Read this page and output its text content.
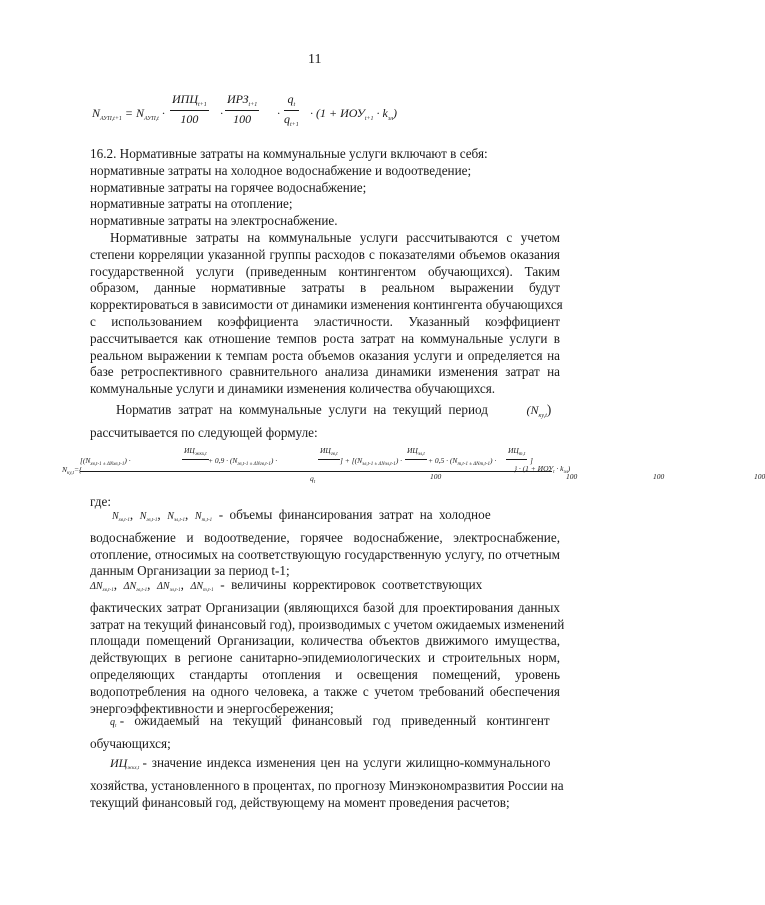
11
$N_{АУП,t+1} = N_{АУП,t}$ ·
$ИПЦ_{t+1}$
100	·
$ИРЗ_{t+1}$
100	· $\frac{q_t}{q_{t+1}} \cdot (1 + ИОУ_{t+1} \cdot k_{эл})$
16.2. Нормативные затраты на коммунальные услуги включают в себя:
нормативные затраты на холодное водоснабжение и водоотведение;
нормативные затраты на горячее водоснабжение;
нормативные затраты на отопление;
нормативные затраты на электроснабжение.
Нормативные затраты на коммунальные услуги рассчитываются с учетом
степени корреляции указанной группы расходов с показателями объемов оказания
государственной услуги (приведенным контингентом обучающихся). Таким
образом, данные нормативные затраты в реальном выражении будут
корректироваться в зависимости от динамики изменения контингента обучающихся
с использованием коэффициента эластичности. Указанный коэффициент
рассчитывается как отношение темпов роста затрат на коммунальные услуги в
реальном выражении к темпам роста объемов оказания услуги и определяется на
базе ретроспективного сравнительного анализа динамики изменения затрат на
коммунальные услуги и динамики изменения количества обучающихся.
Норматив затрат на коммунальные услуги на текущий период	$(N_{ку,t})$
рассчитывается по следующей формуле:
$N_{ку,t}=${
[$(N_{хв,t-1 \pm \Delta Nхв,t-1})$ ·
$ИЦ_{жкх,t}$
100
+ $0,9 \cdot (N_{гв,t-1 \pm \Delta Nгв,t-1})$ ·
$ИЦ_{гв,t}$
100
] + [$(N_{эл,t-1 \pm \Delta Nэл,t-1})$ ·
$ИЦ_{эл,t}$
100
+ $0,5 \cdot (N_{т,t-1 \pm \Delta Nт,t-1})$ ·
$ИЦ_{т,t}$
100
]
$q_t$
} · $(1 + ИОУ_t \cdot k_{эл})$
где:
$N_{хв,t-1}$,  $N_{гв,t-1}$,  $N_{эл,t-1}$,  $N_{т,t-1}$ - объемы финансирования затрат на холодное
водоснабжение и водоотведение, горячее водоснабжение, электроснабжение,
отопление, относимых на соответствующую государственную услугу, по отчетным
данным Организации за период t-1;
$\Delta N_{хв,t-1}$,  $\Delta N_{гв,t-1}$,  $\Delta N_{эл,t-1}$,  $\Delta N_{т,t-1}$ - величины корректировок соответствующих
фактических затрат Организации (являющихся базой для проектирования данных
затрат на текущий финансовый год), производимых с учетом ожидаемых изменений
площади помещений Организации, количества объектов движимого имущества,
действующих в регионе санитарно-эпидемиологических и строительных норм,
определяющих стандарты отопления и освещения помещений, уровень
водопотребления на одного человека, а также с учетом требований обеспечения
энергоэффективности и энергосбережения;
$q_t$ - ожидаемый на текущий финансовый год приведенный контингент
обучающихся;
ИЦжкх,t - значение индекса изменения цен на услуги жилищно-коммунального
хозяйства, установленного в процентах, по прогнозу Минэкономразвития России на
текущий финансовый год, действующему на момент проведения расчетов;
